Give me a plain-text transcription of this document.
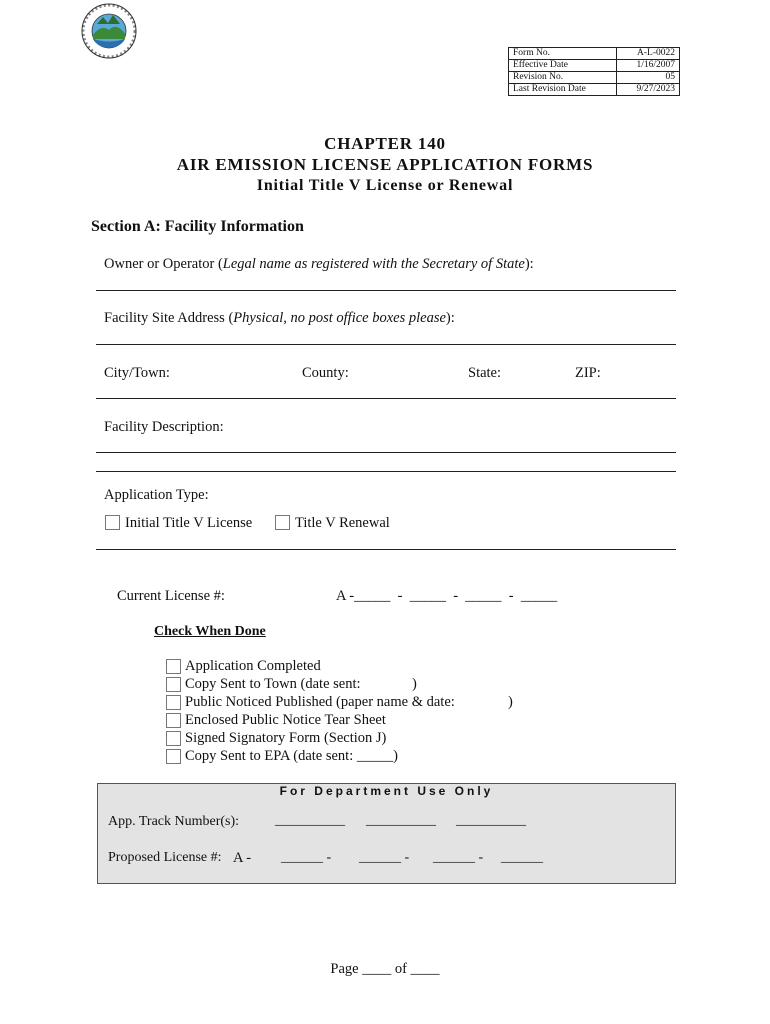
Form No.	A-L-0022
Effective Date	1/16/2007
Revision No.	05
Last Revision Date	9/27/2023
CHAPTER 140
AIR EMISSION LICENSE APPLICATION FORMS
Initial Title V License or Renewal
Section A: Facility Information
Owner or Operator (Legal name as registered with the Secretary of State):
Facility Site Address (Physical, no post office boxes please):
City/Town:	County:	State:	ZIP:
Facility Description:
Application Type:
Initial Title V License	Title V Renewal
Current License #:	A -_____  -  _____  -  _____  -  _____
Check When Done
Application Completed
Copy Sent to Town (date sent:	)
Public Noticed Published (paper name & date:	)
Enclosed Public Notice Tear Sheet
Signed Signatory Form (Section J)
Copy Sent to EPA (date sent: _____)
For Department Use Only
App. Track Number(s):	__________ __________ __________
Proposed License #: A - ______ - ______ - ______ - ______
Page ____ of ____
